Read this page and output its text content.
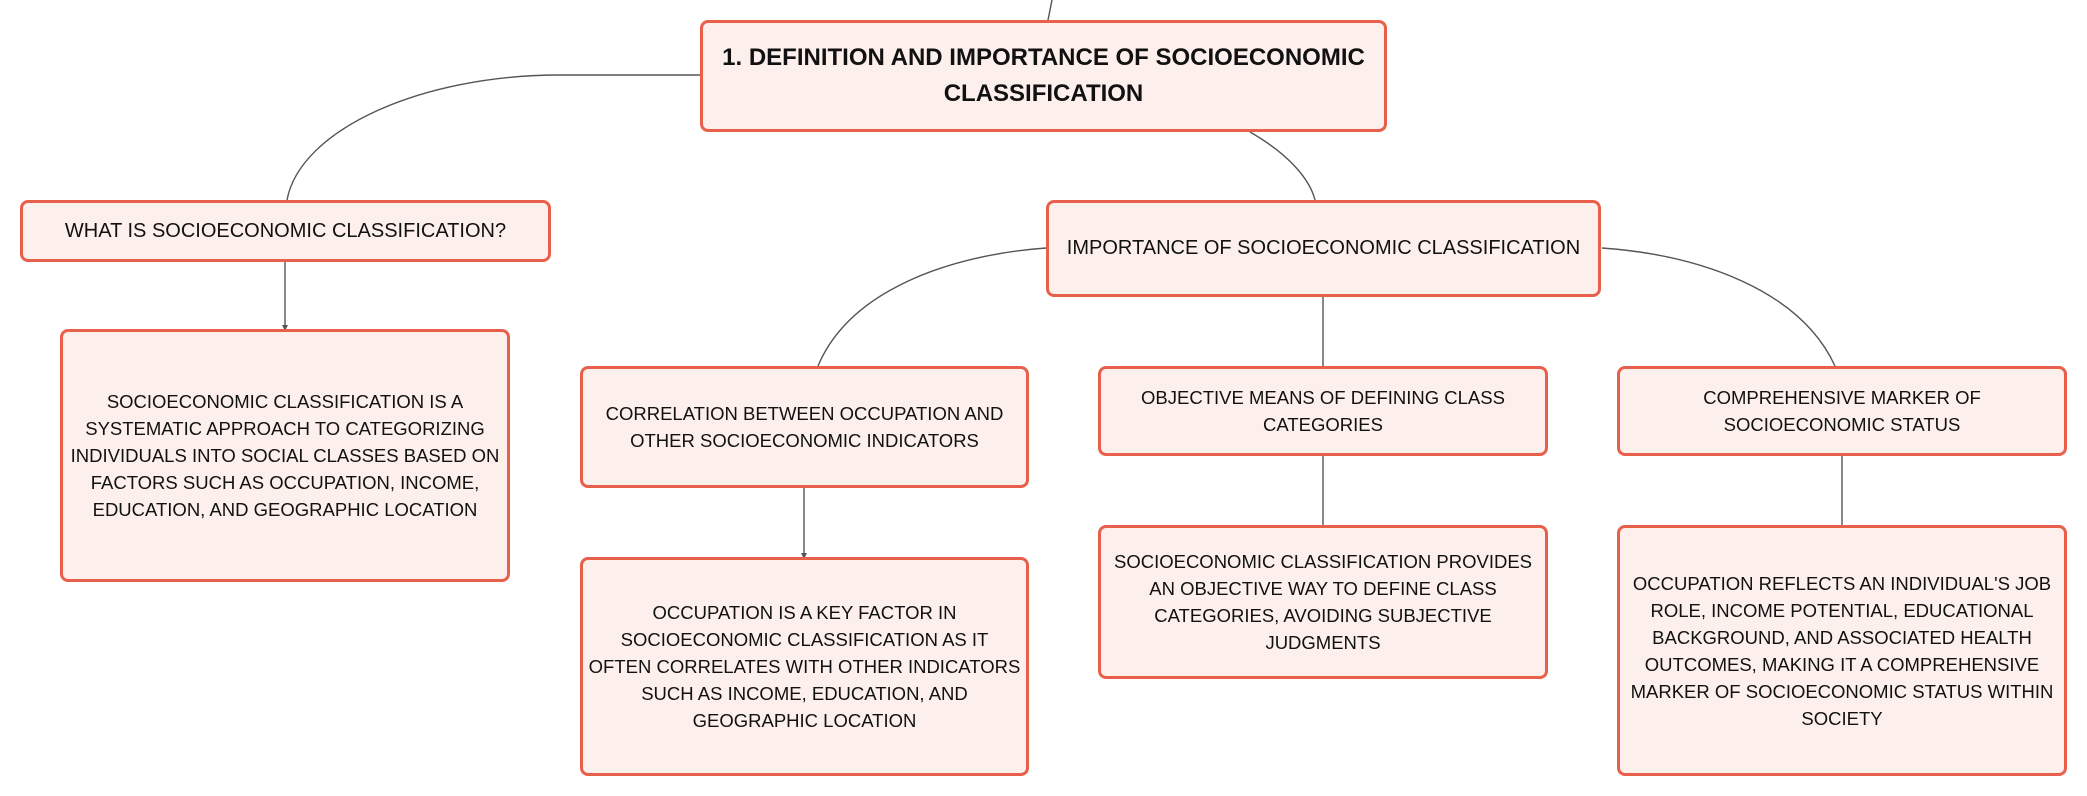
1. DEFINITION AND IMPORTANCE OF SOCIOECONOMIC CLASSIFICATION
WHAT IS SOCIOECONOMIC CLASSIFICATION?
SOCIOECONOMIC CLASSIFICATION IS A SYSTEMATIC APPROACH TO CATEGORIZING INDIVIDUALS INTO SOCIAL CLASSES BASED ON FACTORS SUCH AS OCCUPATION, INCOME, EDUCATION, AND GEOGRAPHIC LOCATION
IMPORTANCE OF SOCIOECONOMIC CLASSIFICATION
CORRELATION BETWEEN OCCUPATION AND OTHER SOCIOECONOMIC INDICATORS
OCCUPATION IS A KEY FACTOR IN SOCIOECONOMIC CLASSIFICATION AS IT OFTEN CORRELATES WITH OTHER INDICATORS SUCH AS INCOME, EDUCATION, AND GEOGRAPHIC LOCATION
OBJECTIVE MEANS OF DEFINING CLASS CATEGORIES
SOCIOECONOMIC CLASSIFICATION PROVIDES AN OBJECTIVE WAY TO DEFINE CLASS CATEGORIES, AVOIDING SUBJECTIVE JUDGMENTS
COMPREHENSIVE MARKER OF SOCIOECONOMIC STATUS
OCCUPATION REFLECTS AN INDIVIDUAL'S JOB ROLE, INCOME POTENTIAL, EDUCATIONAL BACKGROUND, AND ASSOCIATED HEALTH OUTCOMES, MAKING IT A COMPREHENSIVE MARKER OF SOCIOECONOMIC STATUS WITHIN SOCIETY
